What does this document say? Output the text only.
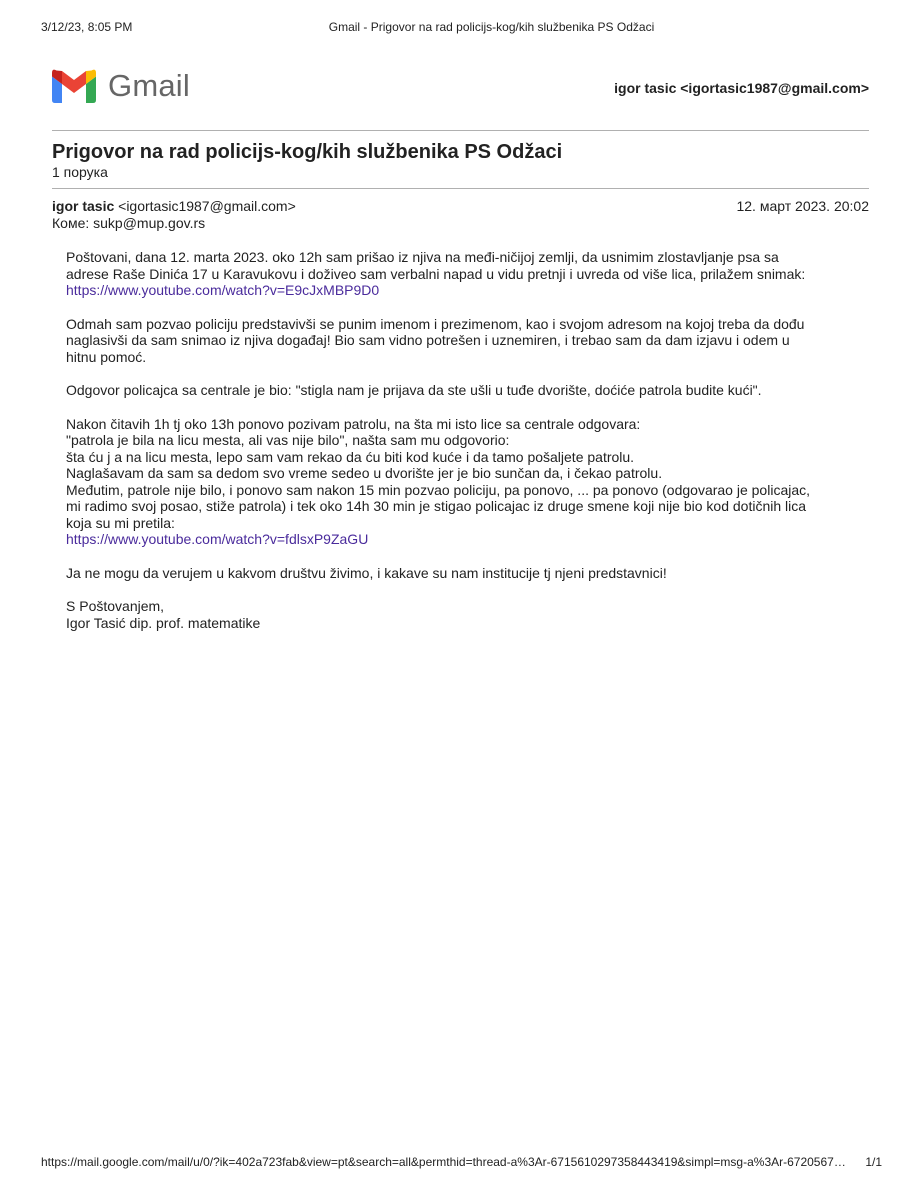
3/12/23, 8:05 PM	Gmail - Prigovor na rad policijs-kog/kih službenika PS Odžaci
Gmail	igor tasic <igortasic1987@gmail.com>
Prigovor na rad policijs-kog/kih službenika PS Odžaci
1 порука
igor tasic <igortasic1987@gmail.com>	12. март 2023. 20:02
Коме: sukp@mup.gov.rs

Poštovani, dana 12. marta 2023. oko 12h sam prišao iz njiva na međi-ničijoj zemlji, da usnimim zlostavljanje psa sa
adrese Raše Dinića 17 u Karavukovu i doživeo sam verbalni napad u vidu pretnji i uvreda od više lica, prilažem snimak:
https://www.youtube.com/watch?v=E9cJxMBP9D0

Odmah sam pozvao policiju predstavivši se punim imenom i prezimenom, kao i svojom adresom na kojoj treba da dođu
naglasivši da sam snimao iz njiva događaj! Bio sam vidno potrešen i uznemiren, i trebao sam da dam izjavu i odem u
hitnu pomoć.

Odgovor policajca sa centrale je bio: "stigla nam je prijava da ste ušli u tuđe dvorište, doćiće patrola budite kući".

Nakon čitavih 1h tj oko 13h ponovo pozivam patrolu, na šta mi isto lice sa centrale odgovara:
"patrola je bila na licu mesta, ali vas nije bilo", našta sam mu odgovorio:
šta ću j a na licu mesta, lepo sam vam rekao da ću biti kod kuće i da tamo pošaljete patrolu.
Naglašavam da sam sa dedom svo vreme sedeo u dvorište jer je bio sunčan da, i čekao patrolu.
Međutim, patrole nije bilo, i ponovo sam nakon 15 min pozvao policiju, pa ponovo, ... pa ponovo (odgovarao je policajac,
mi radimo svoj posao, stiže patrola) i tek oko 14h 30 min je stigao policajac iz druge smene koji nije bio kod dotičnih lica
koja su mi pretila:
https://www.youtube.com/watch?v=fdlsxP9ZaGU

Ja ne mogu da verujem u kakvom društvu živimo, i kakave su nam institucije tj njeni predstavnici!

S Poštovanjem,
Igor Tasić dip. prof. matematike

https://mail.google.com/mail/u/0/?ik=402a723fab&view=pt&search=all&permthid=thread-a%3Ar-6715610297358443419&simpl=msg-a%3Ar-6720567… 1/1
